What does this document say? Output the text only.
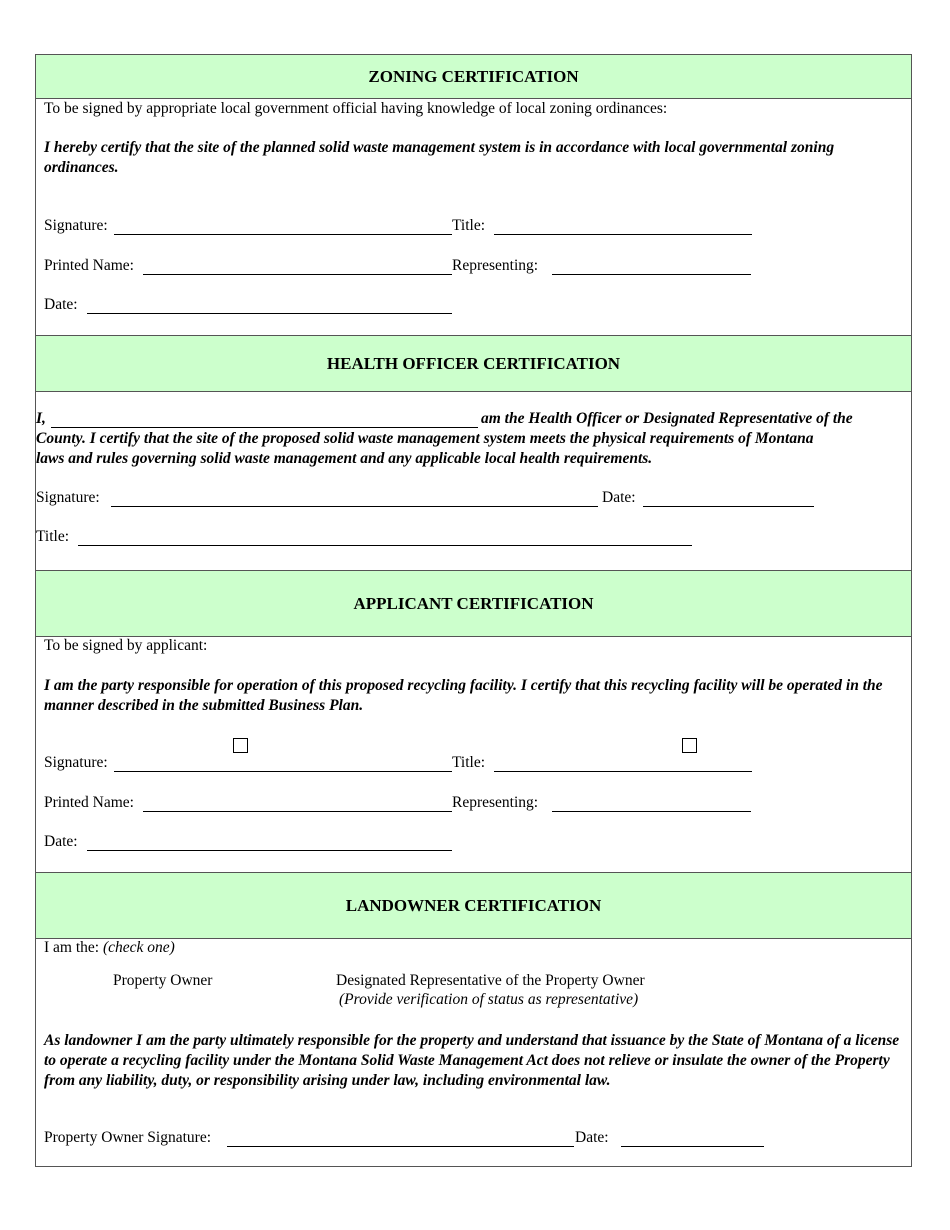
ZONING CERTIFICATION
To be signed by appropriate local government official having knowledge of local zoning ordinances:
I hereby certify that the site of the planned solid waste management system is in accordance with local governmental zoning ordinances.
Signature:	Title:
Printed Name:	Representing:
Date:
HEALTH OFFICER CERTIFICATION
I,	am the Health Officer or Designated Representative of the
County. I certify that the site of the proposed solid waste management system meets the physical requirements of Montana
laws and rules governing solid waste management and any applicable local health requirements.
Signature:	Date:
Title:
APPLICANT CERTIFICATION
To be signed by applicant:
I am the party responsible for operation of this proposed recycling facility. I certify that this recycling facility will be operated in the manner described in the submitted Business Plan.
Signature:	Title:
Printed Name:	Representing:
Date:
LANDOWNER CERTIFICATION
I am the: (check one)
Property Owner	Designated Representative of the Property Owner
(Provide verification of status as representative)
As landowner I am the party ultimately responsible for the property and understand that issuance by the State of Montana of a license to operate a recycling facility under the Montana Solid Waste Management Act does not relieve or insulate the owner of the Property from any liability, duty, or responsibility arising under law, including environmental law.
Property Owner Signature:	Date:
